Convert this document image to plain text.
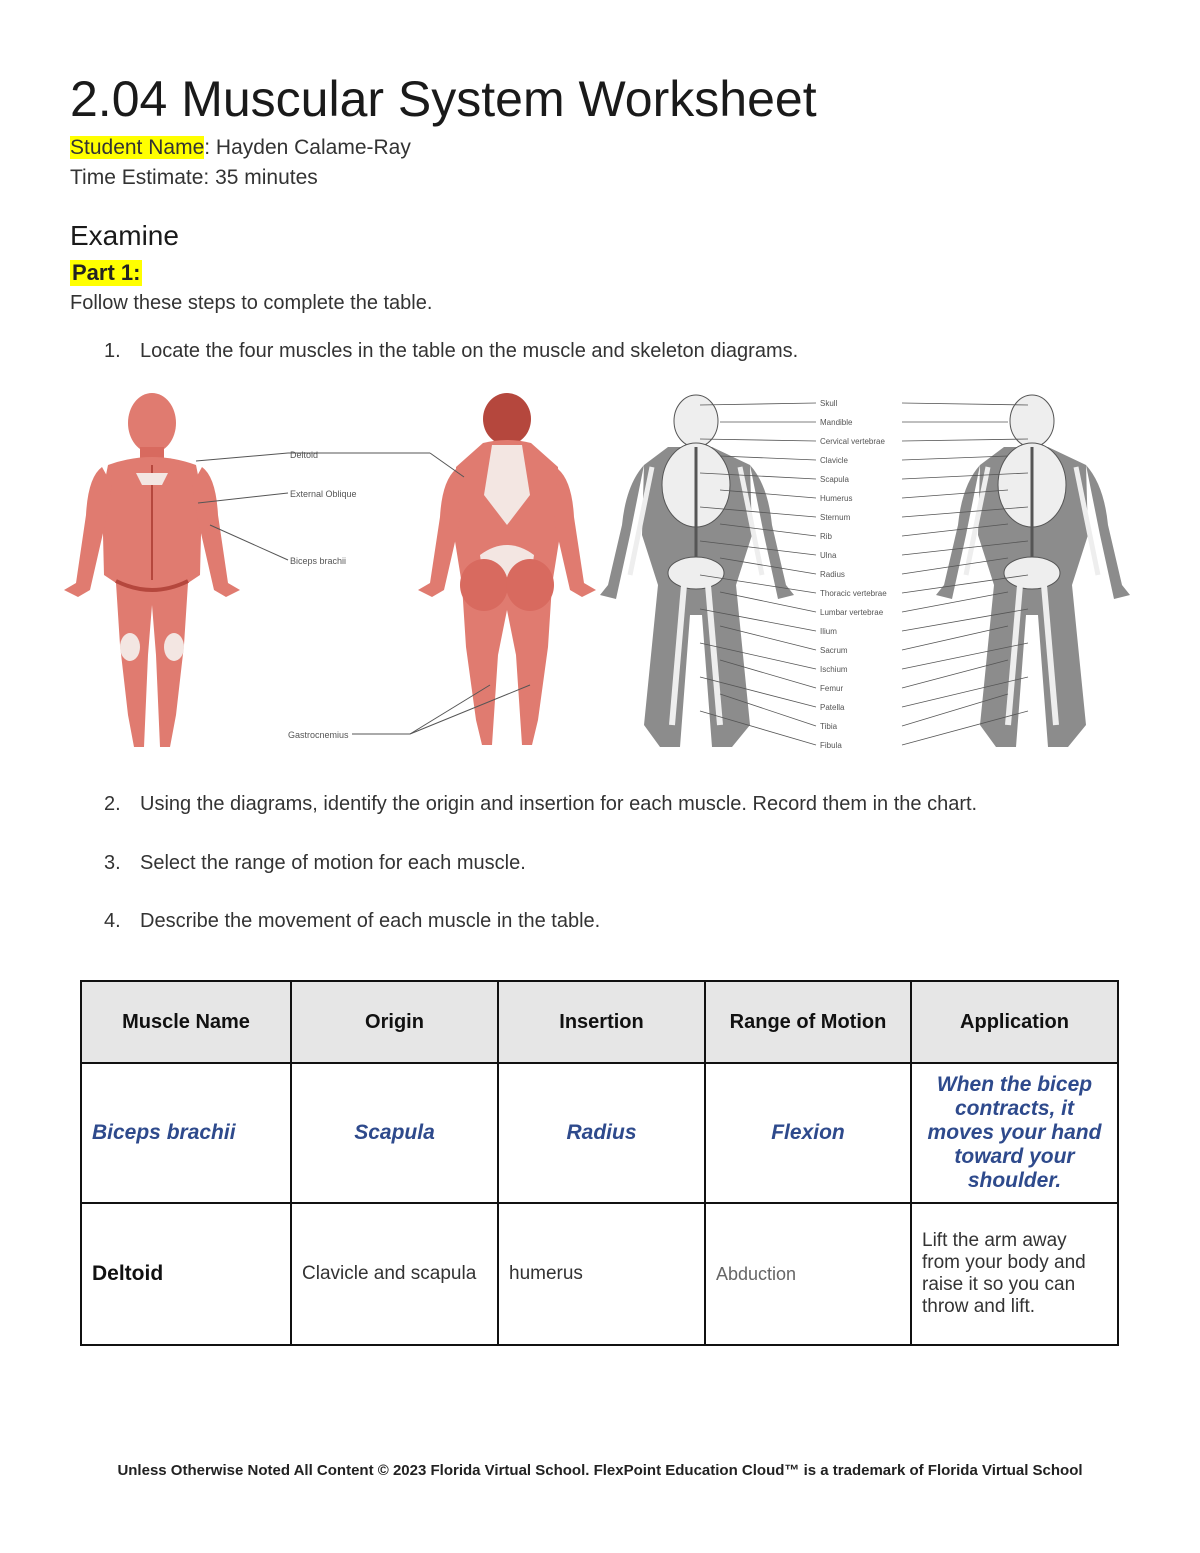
2.04 Muscular System Worksheet
Student Name: Hayden Calame-Ray
Time Estimate: 35 minutes
Examine
Part 1:
Follow these steps to complete the table.
1. Locate the four muscles in the table on the muscle and skeleton diagrams.
Deltoid
External Oblique
Biceps brachii
Gastrocnemius
Skull
Mandible
Cervical vertebrae
Clavicle
Scapula
Humerus
Sternum
Rib
Ulna
Radius
Thoracic vertebrae
Lumbar vertebrae
Ilium
Sacrum
Ischium
Femur
Patella
Tibia
Fibula
2. Using the diagrams, identify the origin and insertion for each muscle. Record them in the chart.
3. Select the range of motion for each muscle.
4. Describe the movement of each muscle in the table.
Muscle Name	Origin	Insertion	Range of Motion	Application
Biceps brachii	Scapula	Radius	Flexion	When the bicep contracts, it moves your hand toward your shoulder.
Deltoid	Clavicle and scapula	humerus	Abduction	Lift the arm away from your body and raise it so you can throw and lift.
Unless Otherwise Noted All Content © 2023 Florida Virtual School. FlexPoint Education Cloud™ is a trademark of Florida Virtual School
